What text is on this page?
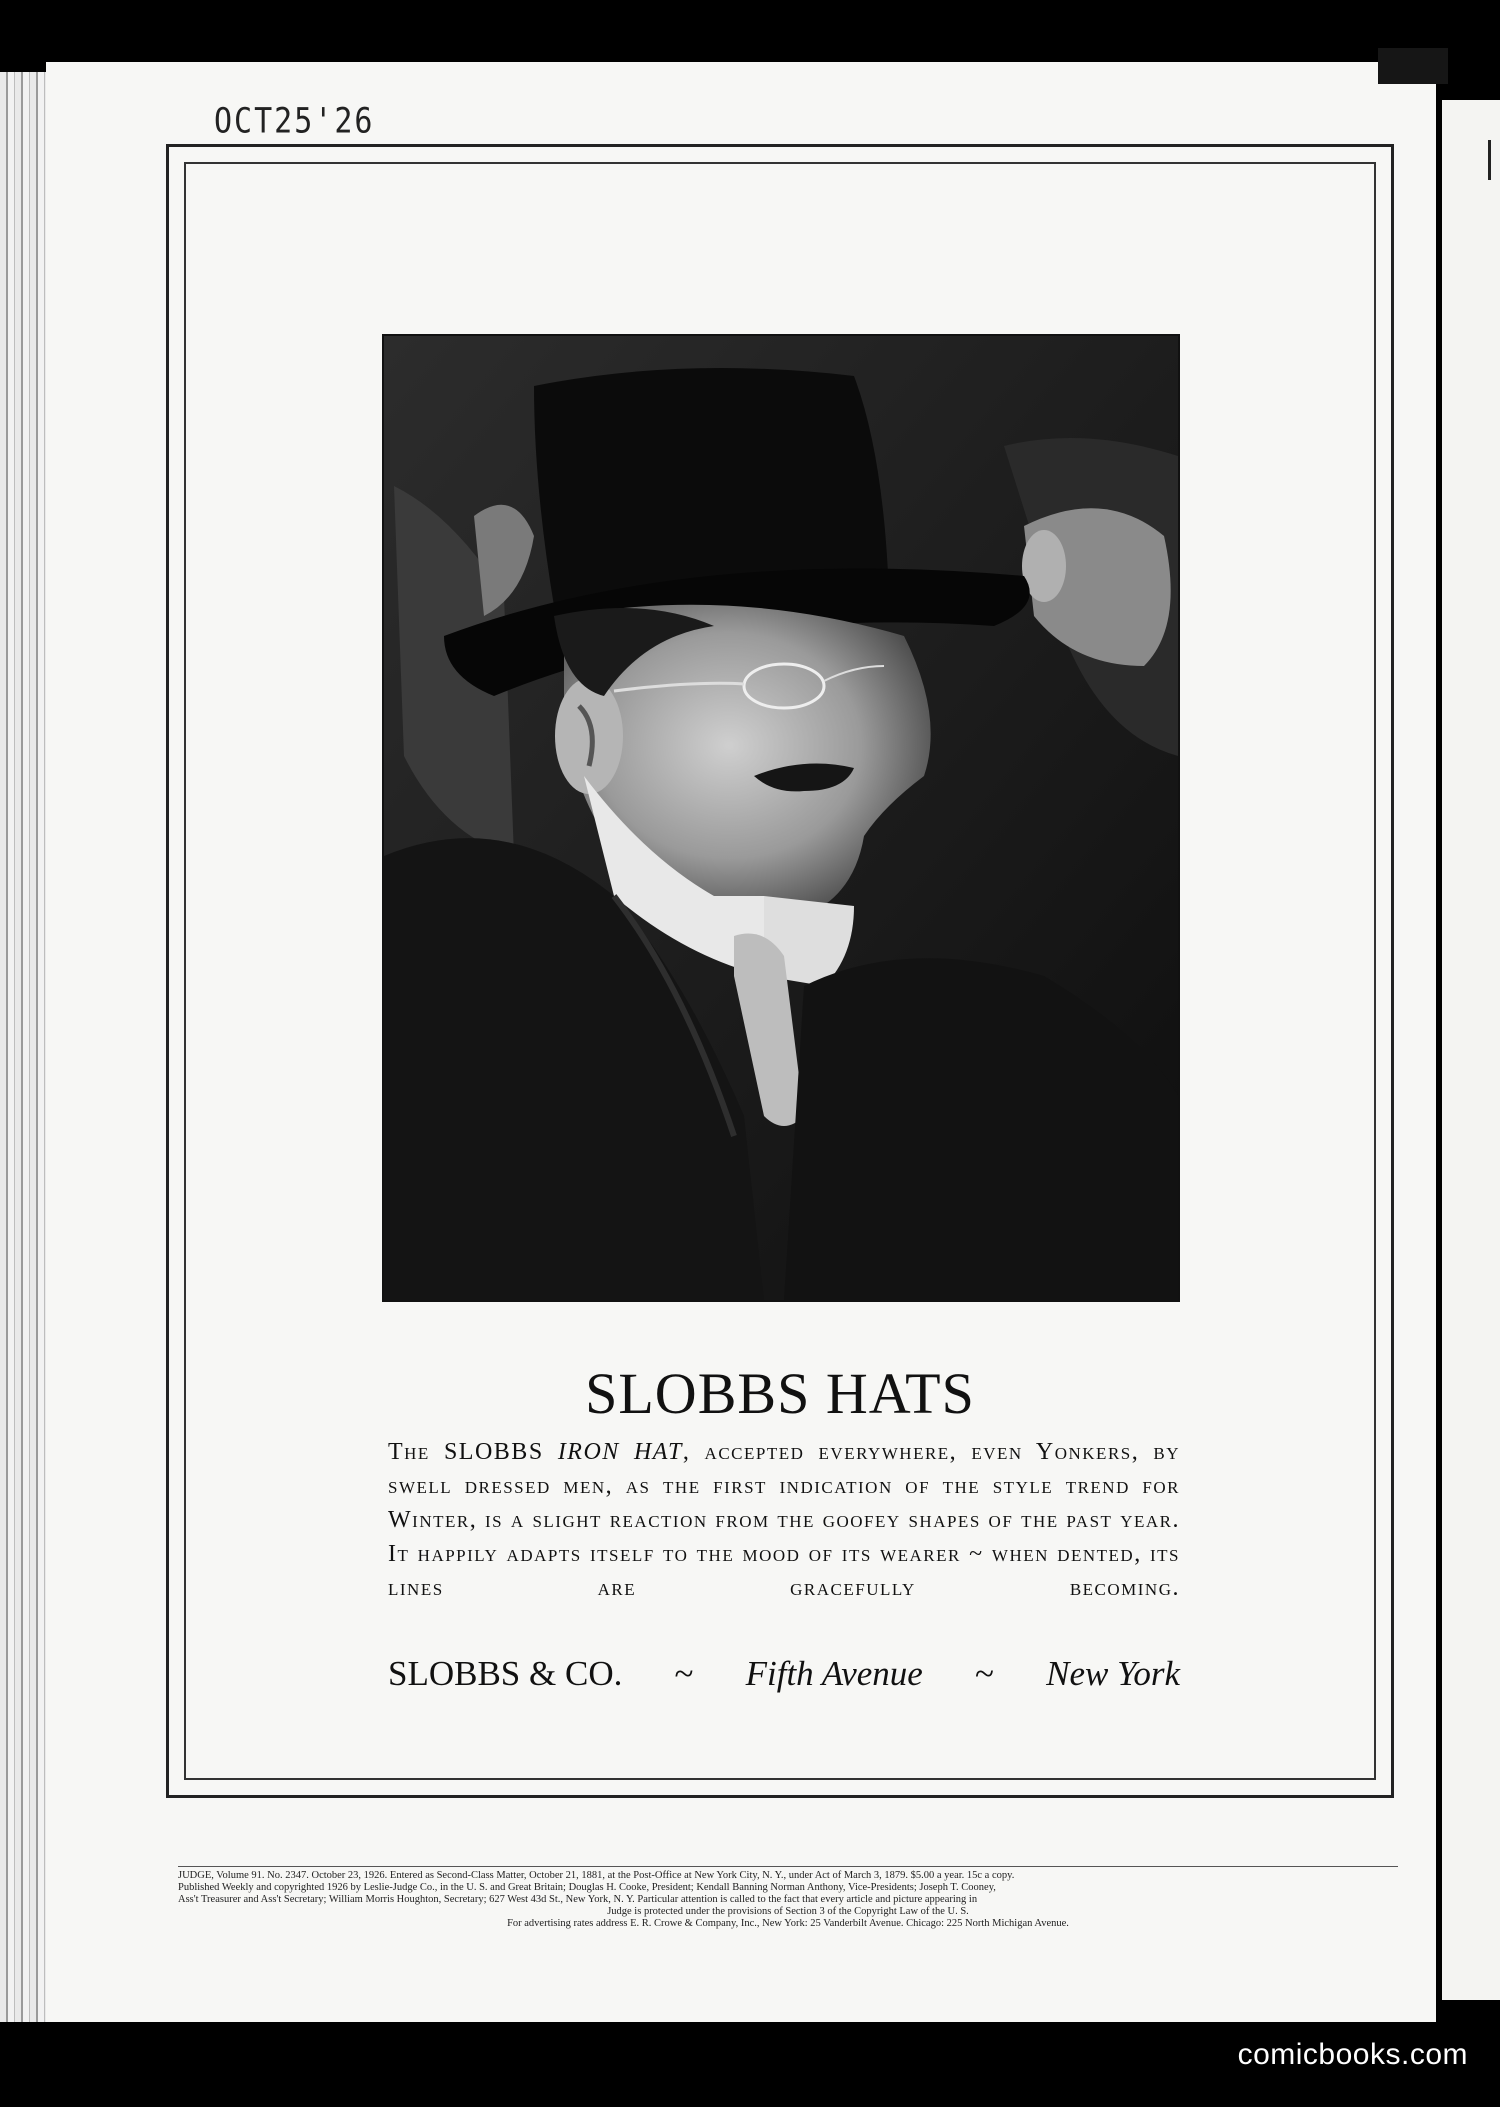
OCT25'26
SLOBBS HATS

The SLOBBS IRON HAT, accepted everywhere, even Yonkers, by swell dressed men, as the first indication of the style trend for Winter, is a slight reaction from the goofey shapes of the past year. It happily adapts itself to the mood of its wearer ~ when dented, its lines are gracefully becoming.

SLOBBS & CO. ~ Fifth Avenue ~ New York

JUDGE, Volume 91. No. 2347. October 23, 1926. Entered as Second-Class Matter, October 21, 1881, at the Post-Office at New York City, N. Y., under Act of March 3, 1879. $5.00 a year. 15c a copy.

Published Weekly and copyrighted 1926 by Leslie-Judge Co., in the U. S. and Great Britain; Douglas H. Cooke, President; Kendall Banning Norman Anthony, Vice-Presidents; Joseph T. Cooney,

Ass't Treasurer and Ass't Secretary; William Morris Houghton, Secretary; 627 West 43d St., New York, N. Y. Particular attention is called to the fact that every article and picture appearing in

Judge is protected under the provisions of Section 3 of the Copyright Law of the U. S.

For advertising rates address E. R. Crowe & Company, Inc., New York: 25 Vanderbilt Avenue. Chicago: 225 North Michigan Avenue.

comicbooks.com
